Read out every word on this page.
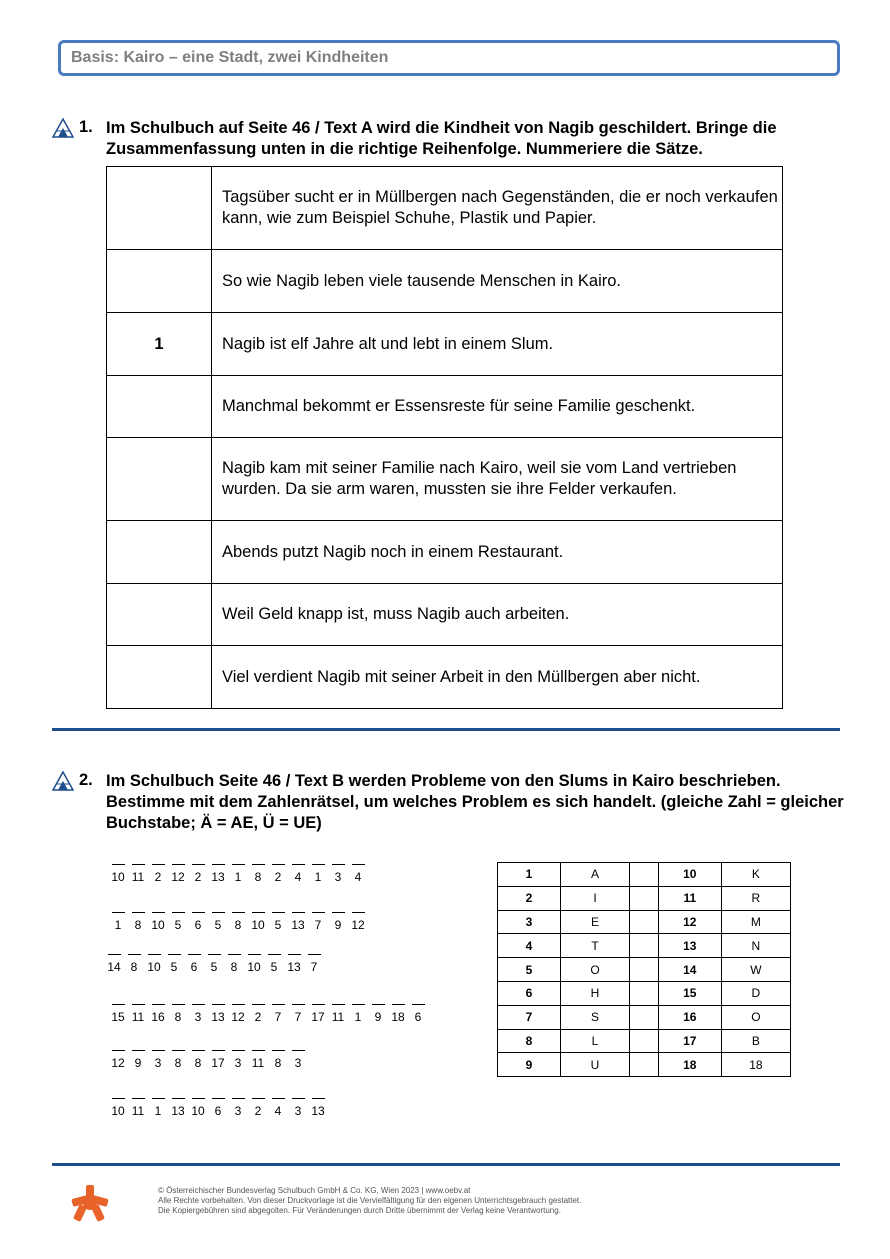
Basis: Kairo – eine Stadt, zwei Kindheiten
1. Im Schulbuch auf Seite 46 / Text A wird die Kindheit von Nagib geschildert. Bringe die Zusammenfassung unten in die richtige Reihenfolge. Nummeriere die Sätze.
	Tagsüber sucht er in Müllbergen nach Gegenständen, die er noch verkaufen kann, wie zum Beispiel Schuhe, Plastik und Papier.
	So wie Nagib leben viele tausende Menschen in Kairo.
1	Nagib ist elf Jahre alt und lebt in einem Slum.
	Manchmal bekommt er Essensreste für seine Familie geschenkt.
	Nagib kam mit seiner Familie nach Kairo, weil sie vom Land vertrieben wurden. Da sie arm waren, mussten sie ihre Felder verkaufen.
	Abends putzt Nagib noch in einem Restaurant.
	Weil Geld knapp ist, muss Nagib auch arbeiten.
	Viel verdient Nagib mit seiner Arbeit in den Müllbergen aber nicht.
2. Im Schulbuch Seite 46 / Text B werden Probleme von den Slums in Kairo beschrieben. Bestimme mit dem Zahlenrätsel, um welches Problem es sich handelt. (gleiche Zahl = gleicher Buchstabe; Ä = AE, Ü = UE)
10 11 2 12 2 13 1 8 2 4 1 3 4
1 8 10 5 6 5 8 10 5 13 7 9 12
14 8 10 5 6 5 8 10 5 13 7
15 11 16 8 3 13 12 2 7 7 17 11 1 9 18 6
12 9 3 8 8 17 3 11 8 3
10 11 1 13 10 6 3 2 4 3 13
1	A		10	K
2	I		11	R
3	E		12	M
4	T		13	N
5	O		14	W
6	H		15	D
7	S		16	O
8	L		17	B
9	U		18	18
© Österreichischer Bundesverlag Schulbuch GmbH & Co. KG, Wien 2023 | www.oebv.at
Alle Rechte vorbehalten. Von dieser Druckvorlage ist die Vervielfältigung für den eigenen Unterrichtsgebrauch gestattet.
Die Kopiergebühren sind abgegolten. Für Veränderungen durch Dritte übernimmt der Verlag keine Verantwortung.
